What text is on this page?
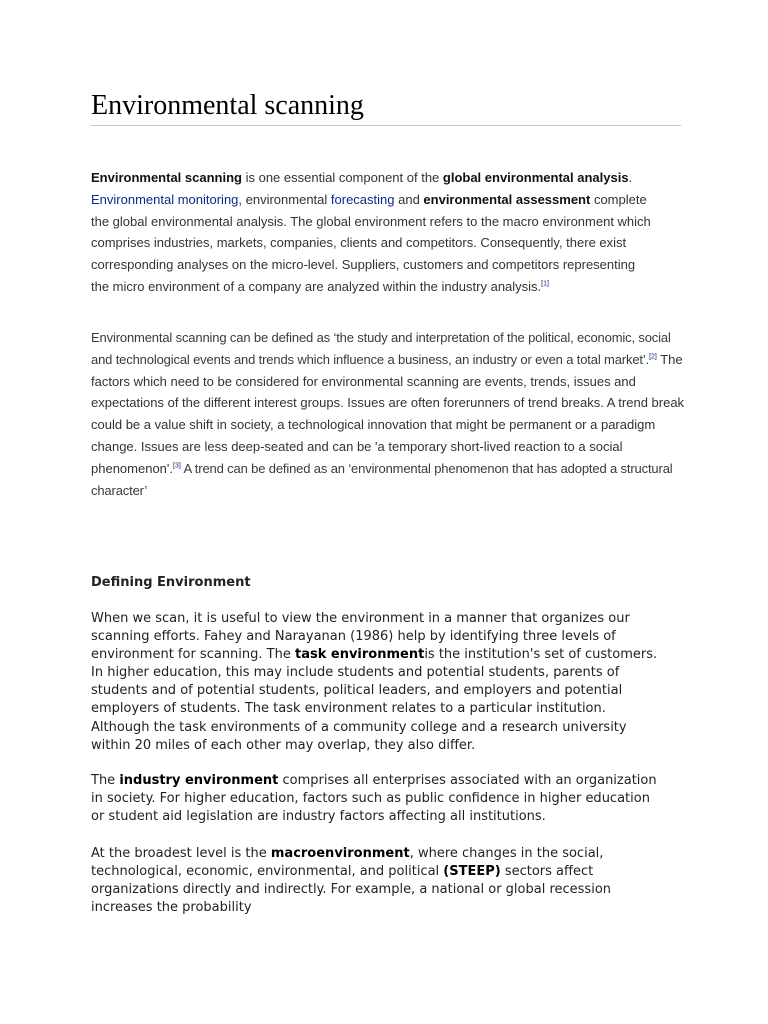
Environmental scanning

Environmental scanning is one essential component of the global environmental analysis. Environmental monitoring, environmental forecasting and environmental assessment complete the global environmental analysis. The global environment refers to the macro environment which comprises industries, markets, companies, clients and competitors. Consequently, there exist corresponding analyses on the micro-level. Suppliers, customers and competitors representing the micro environment of a company are analyzed within the industry analysis.[1]

Environmental scanning can be defined as ‘the study and interpretation of the political, economic, social and technological events and trends which influence a business, an industry or even a total market’.[2] The factors which need to be considered for environmental scanning are events, trends, issues and expectations of the different interest groups. Issues are often forerunners of trend breaks. A trend break could be a value shift in society, a technological innovation that might be permanent or a paradigm change. Issues are less deep-seated and can be 'a temporary short-lived reaction to a social phenomenon'.[3] A trend can be defined as an ‘environmental phenomenon that has adopted a structural character’

Defining Environment

When we scan, it is useful to view the environment in a manner that organizes our scanning efforts. Fahey and Narayanan (1986) help by identifying three levels of environment for scanning. The task environmentis the institution's set of customers. In higher education, this may include students and potential students, parents of students and of potential students, political leaders, and employers and potential employers of students. The task environment relates to a particular institution. Although the task environments of a community college and a research university within 20 miles of each other may overlap, they also differ.

The industry environment comprises all enterprises associated with an organization in society. For higher education, factors such as public confidence in higher education or student aid legislation are industry factors affecting all institutions.

At the broadest level is the macroenvironment, where changes in the social, technological, economic, environmental, and political (STEEP) sectors affect organizations directly and indirectly. For example, a national or global recession increases the probability
